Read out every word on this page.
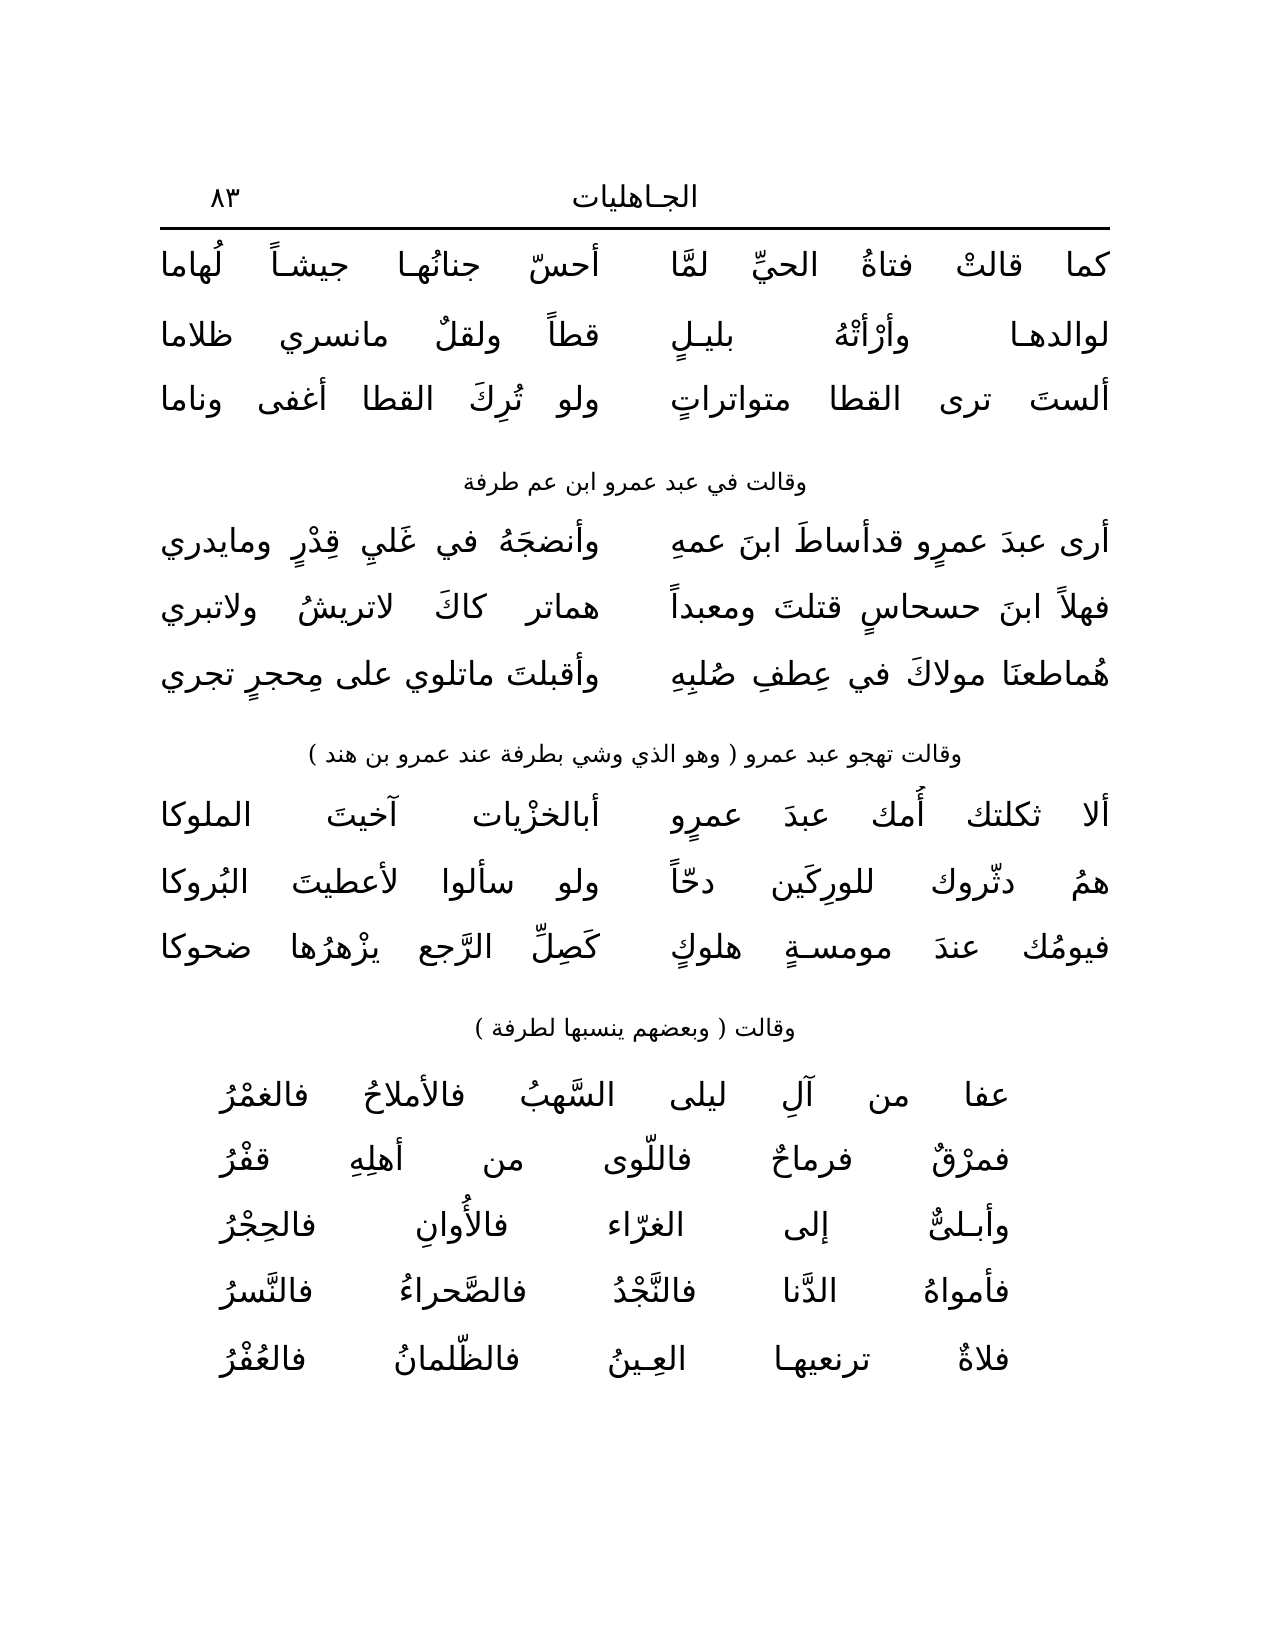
الجـاهليات
٨٣
كما قالتْ فتاةُ الحيِّ لمَّا
أحسّ جنانُهـا جيشـاً لُهاما
لوالدهـا وأرْأتْهُ بليـلٍ
قطاً ولقلٌ مانسري ظلاما
ألستَ ترى القطا متواتراتٍ
ولو تُرِكَ القطا أغفى وناما
وقالت في عبد عمرو ابن عم طرفة
أرى عبدَ عمرٍو قدأساطَ ابنَ عمهِ
وأنضجَهُ في غَليِ قِدْرٍ ومايدري
فهلاً ابنَ حسحاسٍ قتلتَ ومعبداً
هماتر كاكَ لاتريشُ ولاتبري
هُماطعنَا مولاكَ في عِطفِ صُلبِهِ
وأقبلتَ ماتلوي على مِحجرٍ تجري
وقالت تهجو عبد عمرو ( وهو الذي وشي بطرفة عند عمرو بن هند )
ألا ثكلتك أُمك عبدَ عمرٍو
أبالخزْيات آخيتَ الملوكا
همُ دثّروك للورِكَين دحّاً
ولو سألوا لأعطيتَ البُروكا
فيومُك عندَ مومسـةٍ هلوكٍ
كَصِلِّ الرَّجع يزْهرُها ضحوكا
وقالت ( وبعضهم ينسبها لطرفة )
عفا من آلِ ليلى السَّهبُ فالأملاحُ فالغمْرُ
فمرْقٌ فرماحٌ فاللّوى من أهلِهِ قفْرُ
وأبـلىٌّ إلى الغرّاء فالأُوانِ فالحِجْرُ
فأمواهُ الدَّنا فالنَّجْدُ فالصَّحراءُ فالنَّسرُ
فلاةٌ ترنعيهـا العِـينُ فالظّلمانُ فالعُفْرُ
